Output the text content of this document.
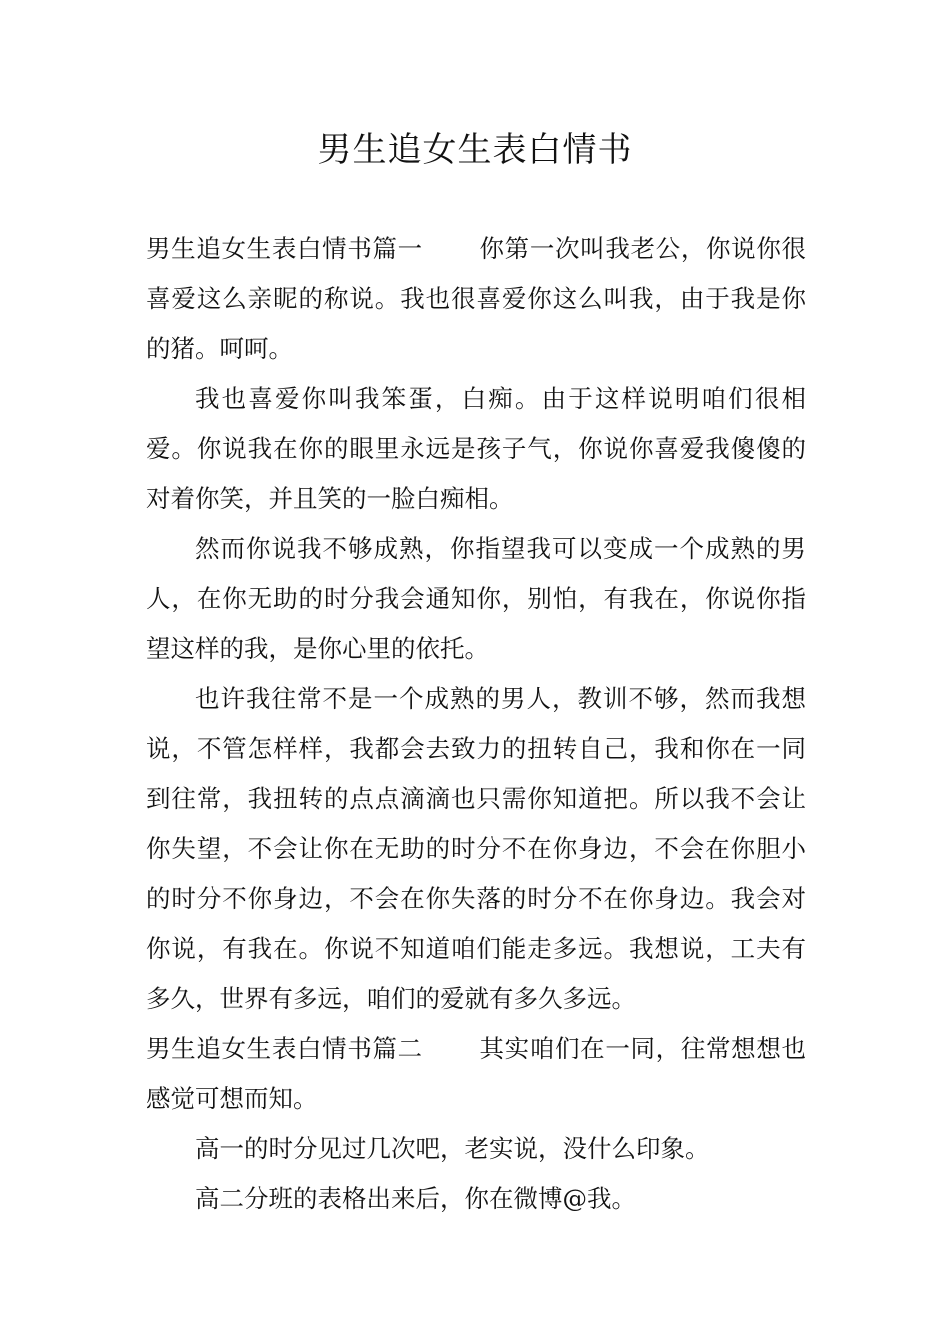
男生追女生表白情书

男生追女生表白情书篇一 你第一次叫我老公，你说你很喜爱这么亲昵的称说。我也很喜爱你这么叫我，由于我是你的猪。呵呵。

我也喜爱你叫我笨蛋，白痴。由于这样说明咱们很相爱。你说我在你的眼里永远是孩子气，你说你喜爱我傻傻的对着你笑，并且笑的一脸白痴相。

然而你说我不够成熟，你指望我可以变成一个成熟的男人，在你无助的时分我会通知你，别怕，有我在，你说你指望这样的我，是你心里的依托。

也许我往常不是一个成熟的男人，教训不够，然而我想说，不管怎样样，我都会去致力的扭转自己，我和你在一同到往常，我扭转的点点滴滴也只需你知道把。所以我不会让你失望，不会让你在无助的时分不在你身边，不会在你胆小的时分不你身边，不会在你失落的时分不在你身边。我会对你说，有我在。你说不知道咱们能走多远。我想说，工夫有多久，世界有多远，咱们的爱就有多久多远。

男生追女生表白情书篇二 其实咱们在一同，往常想想也感觉可想而知。

高一的时分见过几次吧，老实说，没什么印象。

高二分班的表格出来后，你在微博@我。
